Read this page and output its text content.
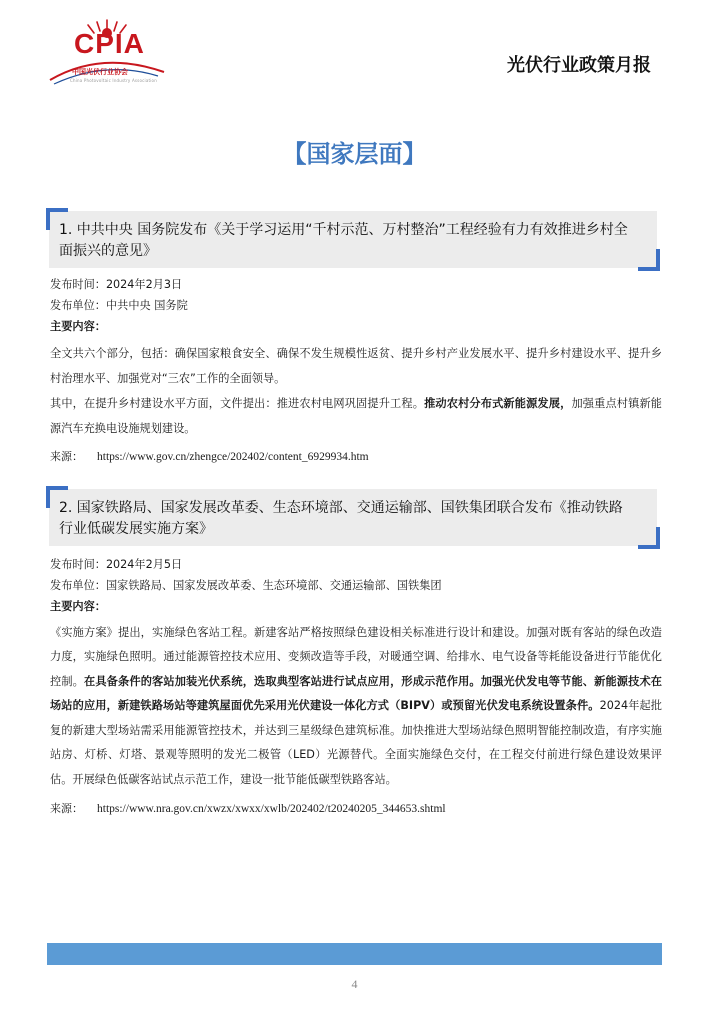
CPIA
中国光伏行业协会
China Photovoltaic Industry Association
光伏行业政策月报
【国家层面】
1. 中共中央 国务院发布《关于学习运用“千村示范、万村整治”工程经验有力有效推进乡村全面振兴的意见》
发布时间：2024年2月3日
发布单位：中共中央 国务院
主要内容：
全文共六个部分，包括：确保国家粮食安全、确保不发生规模性返贫、提升乡村产业发展水平、提升乡村建设水平、提升乡村治理水平、加强党对“三农”工作的全面领导。
其中，在提升乡村建设水平方面，文件提出：推进农村电网巩固提升工程。推动农村分布式新能源发展，加强重点村镇新能源汽车充换电设施规划建设。
来源： https://www.gov.cn/zhengce/202402/content_6929934.htm
2. 国家铁路局、国家发展改革委、生态环境部、交通运输部、国铁集团联合发布《推动铁路行业低碳发展实施方案》
发布时间：2024年2月5日
发布单位：国家铁路局、国家发展改革委、生态环境部、交通运输部、国铁集团
主要内容：
《实施方案》提出，实施绿色客站工程。新建客站严格按照绿色建设相关标准进行设计和建设。加强对既有客站的绿色改造力度，实施绿色照明。通过能源管控技术应用、变频改造等手段，对暖通空调、给排水、电气设备等耗能设备进行节能优化控制。在具备条件的客站加装光伏系统，选取典型客站进行试点应用，形成示范作用。加强光伏发电等节能、新能源技术在场站的应用，新建铁路场站等建筑屋面优先采用光伏建设一体化方式（BIPV）或预留光伏发电系统设置条件。2024年起批复的新建大型场站需采用能源管控技术，并达到三星级绿色建筑标准。加快推进大型场站绿色照明智能控制改造，有序实施站房、灯桥、灯塔、景观等照明的发光二极管（LED）光源替代。全面实施绿色交付，在工程交付前进行绿色建设效果评估。开展绿色低碳客站试点示范工作，建设一批节能低碳型铁路客站。
来源： https://www.nra.gov.cn/xwzx/xwxx/xwlb/202402/t20240205_344653.shtml
4
